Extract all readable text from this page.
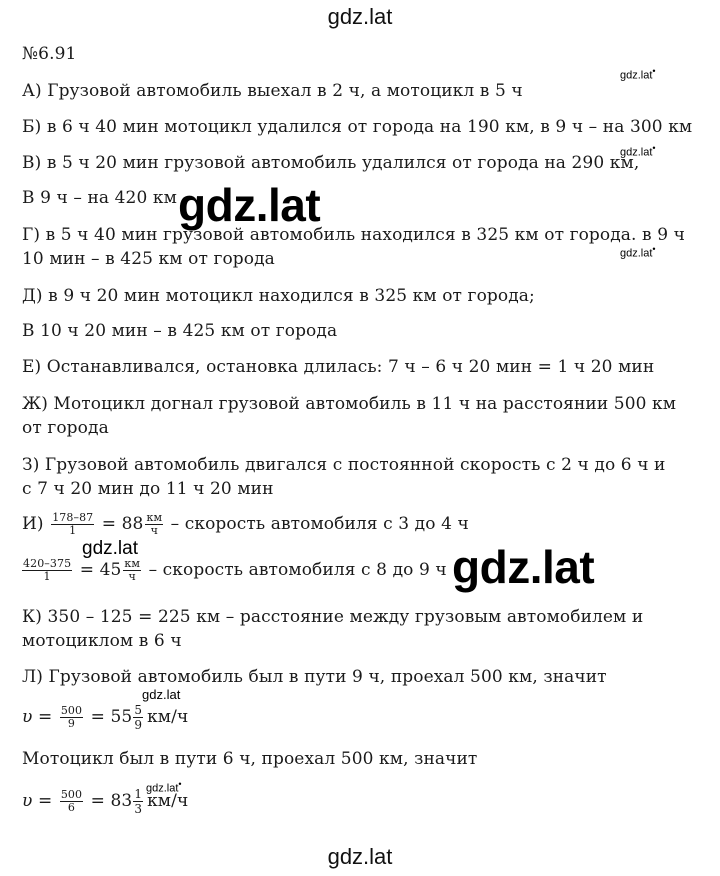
gdz.lat
№6.91
А) Грузовой автомобиль выехал в 2 ч, а мотоцикл в 5 ч
Б) в 6 ч 40 мин мотоцикл удалился от города на 190 км, в 9 ч – на 300 км
В) в 5 ч 20 мин грузовой автомобиль удалился от города на 290 км,
В 9 ч – на 420 км
Г) в 5 ч 40 мин грузовой автомобиль находился в 325 км от города. в 9 ч
10 мин – в 425 км от города
Д) в 9 ч 20 мин мотоцикл находился в 325 км от города;
В 10 ч 20 мин – в 425 км от города
Е) Останавливался, остановка длилась: 7 ч – 6 ч 20 мин = 1 ч 20 мин
Ж) Мотоцикл догнал грузовой автомобиль в 11 ч на расстоянии 500 км
от города
З) Грузовой автомобиль двигался с постоянной скорость с 2 ч до 6 ч и
с 7 ч 20 мин до 11 ч 20 мин
$И) \frac{178-87}{1} = 88 \frac{км}{ч}$ – скорость автомобиля с 3 до 4 ч
$\frac{420-375}{1} = 45 \frac{км}{ч}$ – скорость автомобиля с 8 до 9 ч
К) 350 – 125 = 225 км – расстояние между грузовым автомобилем и
мотоциклом в 6 ч
Л) Грузовой автомобиль был в пути 9 ч, проехал 500 км, значит
$\upsilon = \frac{500}{9} = 55 \frac{5}{9} км/ч$
Мотоцикл был в пути 6 ч, проехал 500 км, значит
$\upsilon = \frac{500}{6} = 83 \frac{1}{3} км/ч$
gdz.lat
gdz.lat
gdz.lat
gdz.lat•
gdz.lat•
gdz.lat•
gdz.lat
gdz.lat•
gdz.lat
